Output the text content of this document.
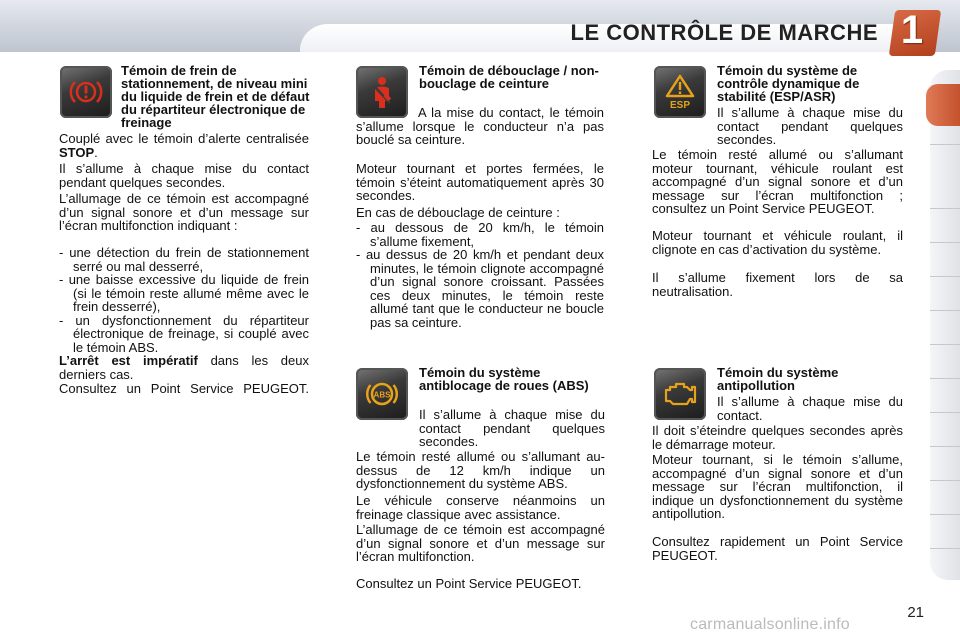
LE CONTRÔLE DE MARCHE 1
Témoin de frein de stationnement, de niveau mini du liquide de frein et de défaut du répartiteur électronique de freinage
Couplé avec le témoin d’alerte centralisée STOP.
Il s’allume à chaque mise du contact pendant quelques secondes.
L’allumage de ce témoin est accompagné d’un signal sonore et d’un message sur l’écran multifonction indiquant :
- une détection du frein de stationnement serré ou mal desserré,
- une baisse excessive du liquide de frein (si le témoin reste allumé même avec le frein desserré),
- un dysfonctionnement du répartiteur électronique de freinage, si couplé avec le témoin ABS.
L’arrêt est impératif dans les deux derniers cas.
Consultez un Point Service PEUGEOT.
Témoin de débouclage / non-bouclage de ceinture
A la mise du contact, le témoin s’allume lorsque le conducteur n’a pas bouclé sa ceinture.
Moteur tournant et portes fermées, le témoin s’éteint automatiquement après 30 secondes.
En cas de débouclage de ceinture :
- au dessous de 20 km/h, le témoin s’allume fixement,
- au dessus de 20 km/h et pendant deux minutes, le témoin clignote accompagné d’un signal sonore croissant. Passées ces deux minutes, le témoin reste allumé tant que le conducteur ne boucle pas sa ceinture.
ABS
Témoin du système antiblocage de roues (ABS)
Il s’allume à chaque mise du contact pendant quelques secondes.
Le témoin resté allumé ou s’allumant au-dessus de 12 km/h indique un dysfonctionnement du système ABS.
Le véhicule conserve néanmoins un freinage classique avec assistance.
L’allumage de ce témoin est accompagné d’un signal sonore et d’un message sur l’écran multifonction.
Consultez un Point Service PEUGEOT.
ESP
Témoin du système de contrôle dynamique de stabilité (ESP/ASR)
Il s’allume à chaque mise du contact pendant quelques secondes.
Le témoin resté allumé ou s’allumant moteur tournant, véhicule roulant est accompagné d’un signal sonore et d’un message sur l’écran multifonction ; consultez un Point Service PEUGEOT.
Moteur tournant et véhicule roulant, il clignote en cas d’activation du système.
Il s’allume fixement lors de sa neutralisation.
Témoin du système antipollution
Il s’allume à chaque mise du contact.
Il doit s’éteindre quelques secondes après le démarrage moteur.
Moteur tournant, si le témoin s’allume, accompagné d’un signal sonore et d’un message sur l’écran multifonction, il indique un dysfonctionnement du système antipollution.
Consultez rapidement un Point Service PEUGEOT.
21
carmanualsonline.info
